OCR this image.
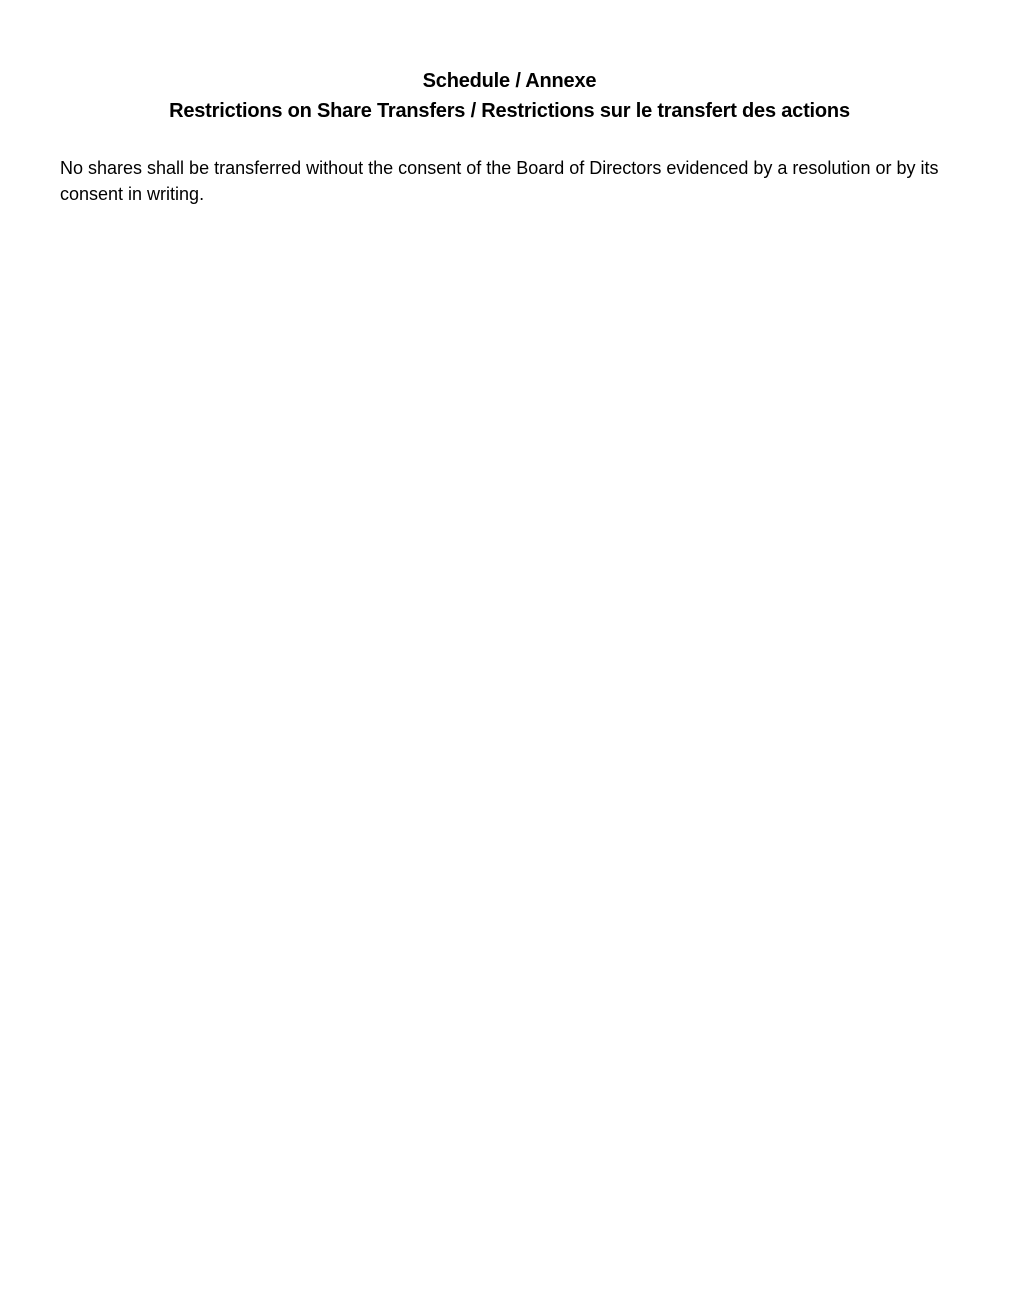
Schedule / Annexe

Restrictions on Share Transfers / Restrictions sur le transfert des actions

No shares shall be transferred without the consent of the Board of Directors evidenced by a resolution or by its consent in writing.
